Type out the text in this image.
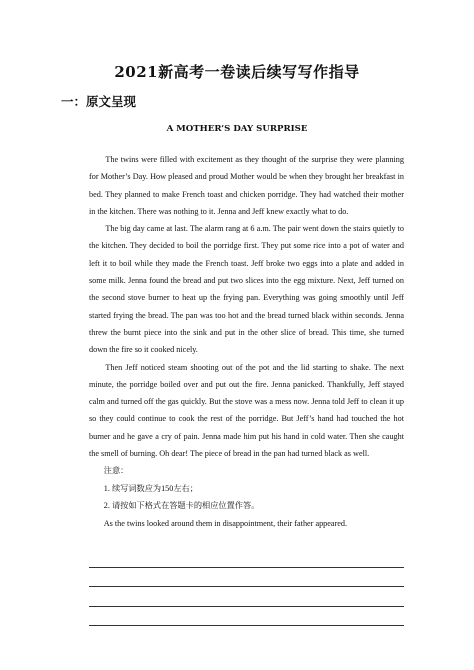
2021新高考一卷读后续写写作指导
一：原文呈现
A MOTHER’S DAY SURPRISE

The twins were filled with excitement as they thought of the surprise they were planning for Mother’s Day. How pleased and proud Mother would be when they brought her breakfast in bed. They planned to make French toast and chicken porridge. They had watched their mother in the kitchen. There was nothing to it. Jenna and Jeff knew exactly what to do.

The big day came at last. The alarm rang at 6 a.m. The pair went down the stairs quietly to the kitchen. They decided to boil the porridge first. They put some rice into a pot of water and left it to boil while they made the French toast. Jeff broke two eggs into a plate and added in some milk. Jenna found the bread and put two slices into the egg mixture. Next, Jeff turned on the second stove burner to heat up the frying pan. Everything was going smoothly until Jeff started frying the bread. The pan was too hot and the bread turned black within seconds. Jenna threw the burnt piece into the sink and put in the other slice of bread. This time, she turned down the fire so it cooked nicely.

Then Jeff noticed steam shooting out of the pot and the lid starting to shake. The next minute, the porridge boiled over and put out the fire. Jenna panicked. Thankfully, Jeff stayed calm and turned off the gas quickly. But the stove was a mess now. Jenna told Jeff to clean it up so they could continue to cook the rest of the porridge. But Jeff’s hand had touched the hot burner and he gave a cry of pain. Jenna made him put his hand in cold water. Then she caught the smell of burning. Oh dear! The piece of bread in the pan had turned black as well.

注意：
1. 续写词数应为150左右；
2. 请按如下格式在答题卡的相应位置作答。
As the twins looked around them in disappointment, their father appeared.
